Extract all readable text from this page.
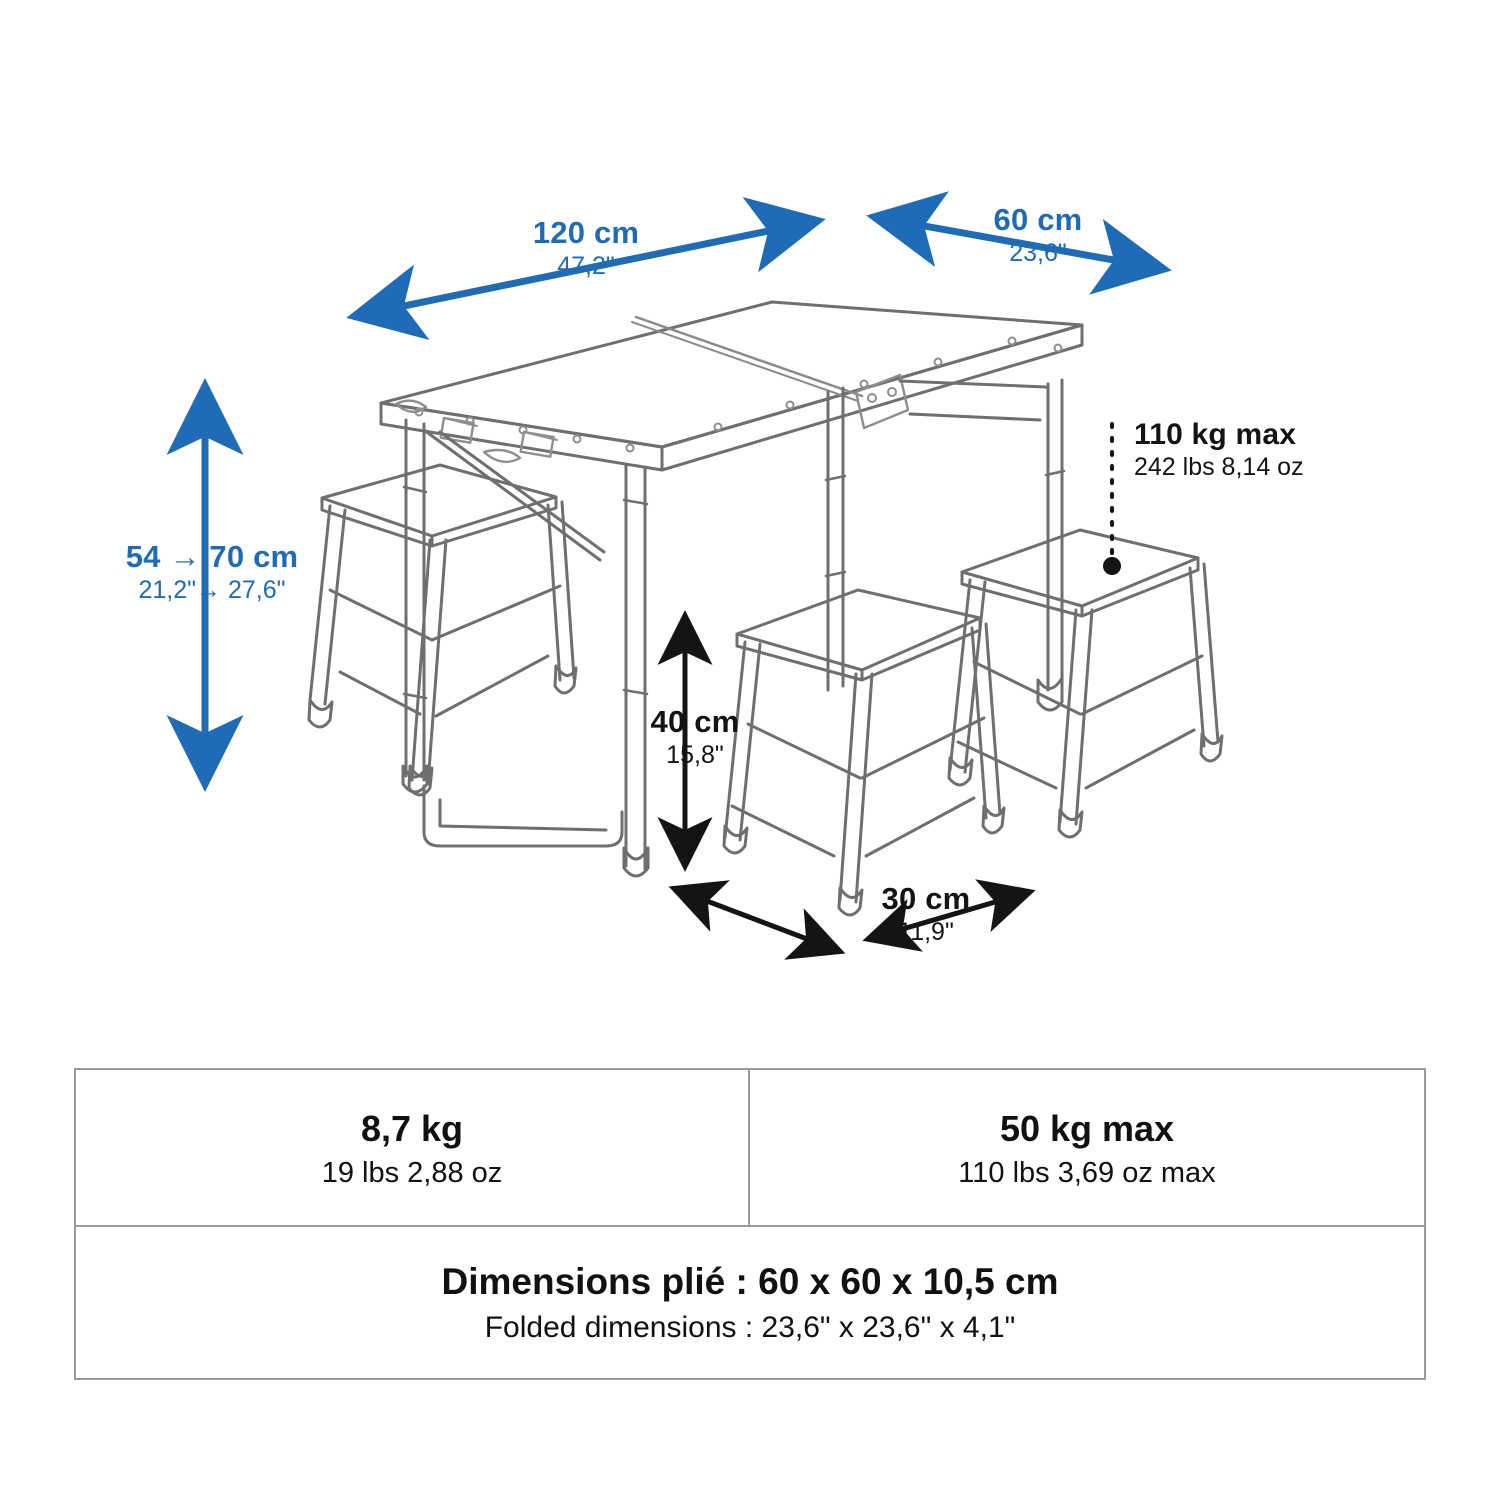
120 cm
47,2"
60 cm
23,6"
54 → 70 cm
21,2"→ 27,6"
40 cm
15,8"
30 cm
11,9"
110 kg max
242 lbs 8,14 oz
8,7 kg
19 lbs 2,88 oz
50 kg max
110 lbs 3,69 oz max
Dimensions plié : 60 x 60 x 10,5 cm
Folded dimensions : 23,6" x 23,6" x 4,1"
